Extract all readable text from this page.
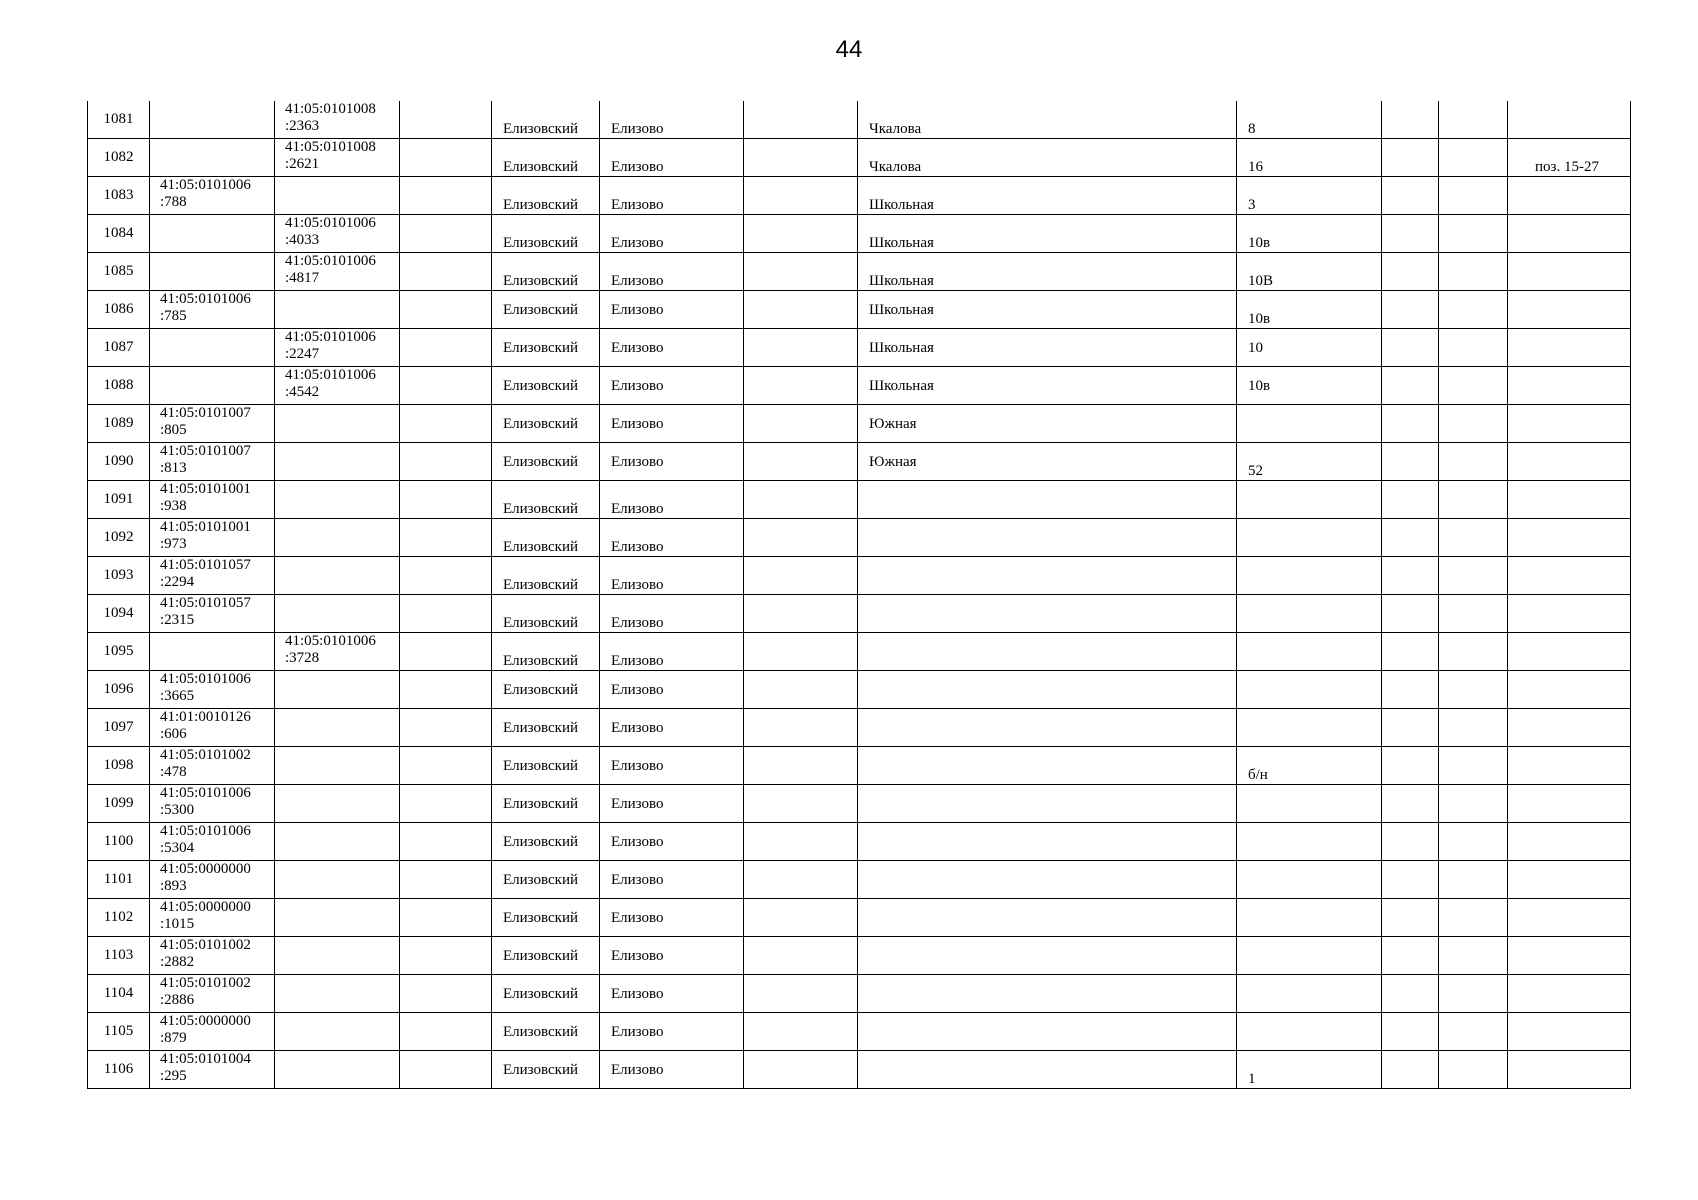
44
1081		41:05:0101008
:2363		Елизовский	Елизово		Чкалова	8			

1082		41:05:0101008
:2621		Елизовский	Елизово		Чкалова	16			поз. 15-27

1083	41:05:0101006
:788			Елизовский	Елизово		Школьная	3			

1084		41:05:0101006
:4033		Елизовский	Елизово		Школьная	10в			

1085		41:05:0101006
:4817		Елизовский	Елизово		Школьная	10В			

1086	41:05:0101006
:785			Елизовский	Елизово		Школьная	10в			

1087		41:05:0101006
:2247		Елизовский	Елизово		Школьная	10			

1088		41:05:0101006
:4542		Елизовский	Елизово		Школьная	10в			

1089	41:05:0101007
:805			Елизовский	Елизово		Южная				

1090	41:05:0101007
:813			Елизовский	Елизово		Южная	52			

1091	41:05:0101001
:938			Елизовский	Елизово						

1092	41:05:0101001
:973			Елизовский	Елизово						

1093	41:05:0101057
:2294			Елизовский	Елизово						

1094	41:05:0101057
:2315			Елизовский	Елизово						

1095		41:05:0101006
:3728		Елизовский	Елизово						

1096	41:05:0101006
:3665			Елизовский	Елизово						

1097	41:01:0010126
:606			Елизовский	Елизово						

1098	41:05:0101002
:478			Елизовский	Елизово			б/н			

1099	41:05:0101006
:5300			Елизовский	Елизово						

1100	41:05:0101006
:5304			Елизовский	Елизово						

1101	41:05:0000000
:893			Елизовский	Елизово						

1102	41:05:0000000
:1015			Елизовский	Елизово						

1103	41:05:0101002
:2882			Елизовский	Елизово						

1104	41:05:0101002
:2886			Елизовский	Елизово						

1105	41:05:0000000
:879			Елизовский	Елизово						

1106	41:05:0101004
:295			Елизовский	Елизово			1			
